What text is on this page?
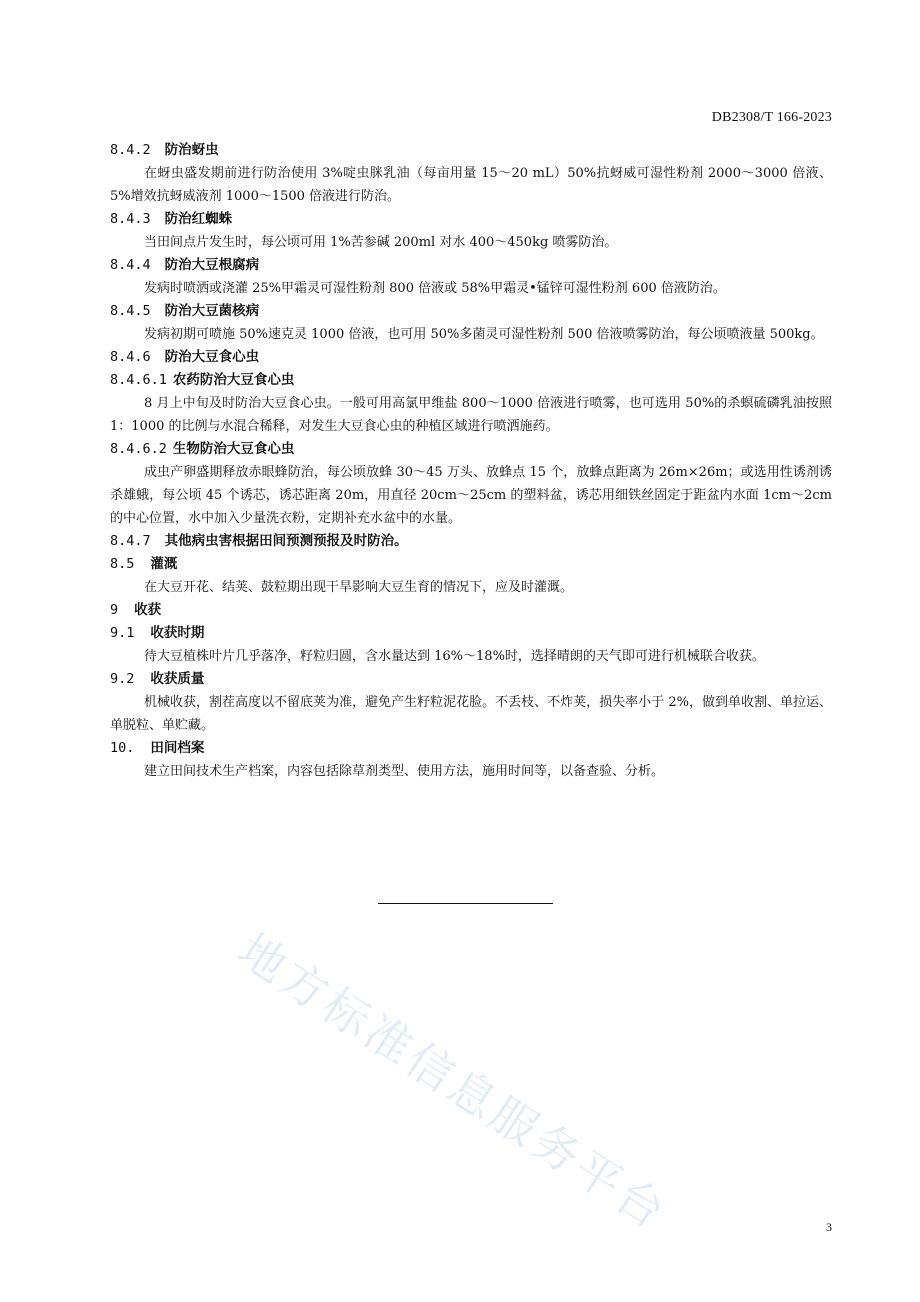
DB2308/T 166-2023
8.4.2 防治蚜虫
在蚜虫盛发期前进行防治使用 3%啶虫脒乳油（每亩用量 15～20 mL）50%抗蚜威可湿性粉剂 2000～3000 倍液、5%增效抗蚜威液剂 1000～1500 倍液进行防治。
8.4.3 防治红蜘蛛
当田间点片发生时，每公顷可用 1%苦参碱 200ml 对水 400～450kg 喷雾防治。
8.4.4 防治大豆根腐病
发病时喷洒或浇灌 25%甲霜灵可湿性粉剂 800 倍液或 58%甲霜灵•锰锌可湿性粉剂 600 倍液防治。
8.4.5 防治大豆菌核病
发病初期可喷施 50%速克灵 1000 倍液，也可用 50%多菌灵可湿性粉剂 500 倍液喷雾防治，每公顷喷液量 500kg。
8.4.6 防治大豆食心虫
8.4.6.1 农药防治大豆食心虫
8 月上中旬及时防治大豆食心虫。一般可用高氯甲维盐 800～1000 倍液进行喷雾，也可选用 50%的杀螟硫磷乳油按照 1：1000 的比例与水混合稀释，对发生大豆食心虫的种植区域进行喷洒施药。
8.4.6.2 生物防治大豆食心虫
成虫产卵盛期释放赤眼蜂防治，每公顷放蜂 30～45 万头、放蜂点 15 个，放蜂点距离为 26m×26m；或选用性诱剂诱杀雄蛾，每公顷 45 个诱芯，诱芯距离 20m，用直径 20cm～25cm 的塑料盆，诱芯用细铁丝固定于距盆内水面 1cm～2cm 的中心位置，水中加入少量洗衣粉，定期补充水盆中的水量。
8.4.7 其他病虫害根据田间预测预报及时防治。
8.5 灌溉
在大豆开花、结荚、鼓粒期出现干旱影响大豆生育的情况下，应及时灌溉。
9 收获
9.1 收获时期
待大豆植株叶片几乎落净，籽粒归圆，含水量达到 16%～18%时，选择晴朗的天气即可进行机械联合收获。
9.2 收获质量
机械收获，割茬高度以不留底荚为准，避免产生籽粒泥花脸。不丢枝、不炸荚，损失率小于 2%，做到单收割、单拉运、单脱粒、单贮藏。
10. 田间档案
建立田间技术生产档案，内容包括除草剂类型、使用方法，施用时间等，以备查验、分析。
地方标准信息服务平台	3
